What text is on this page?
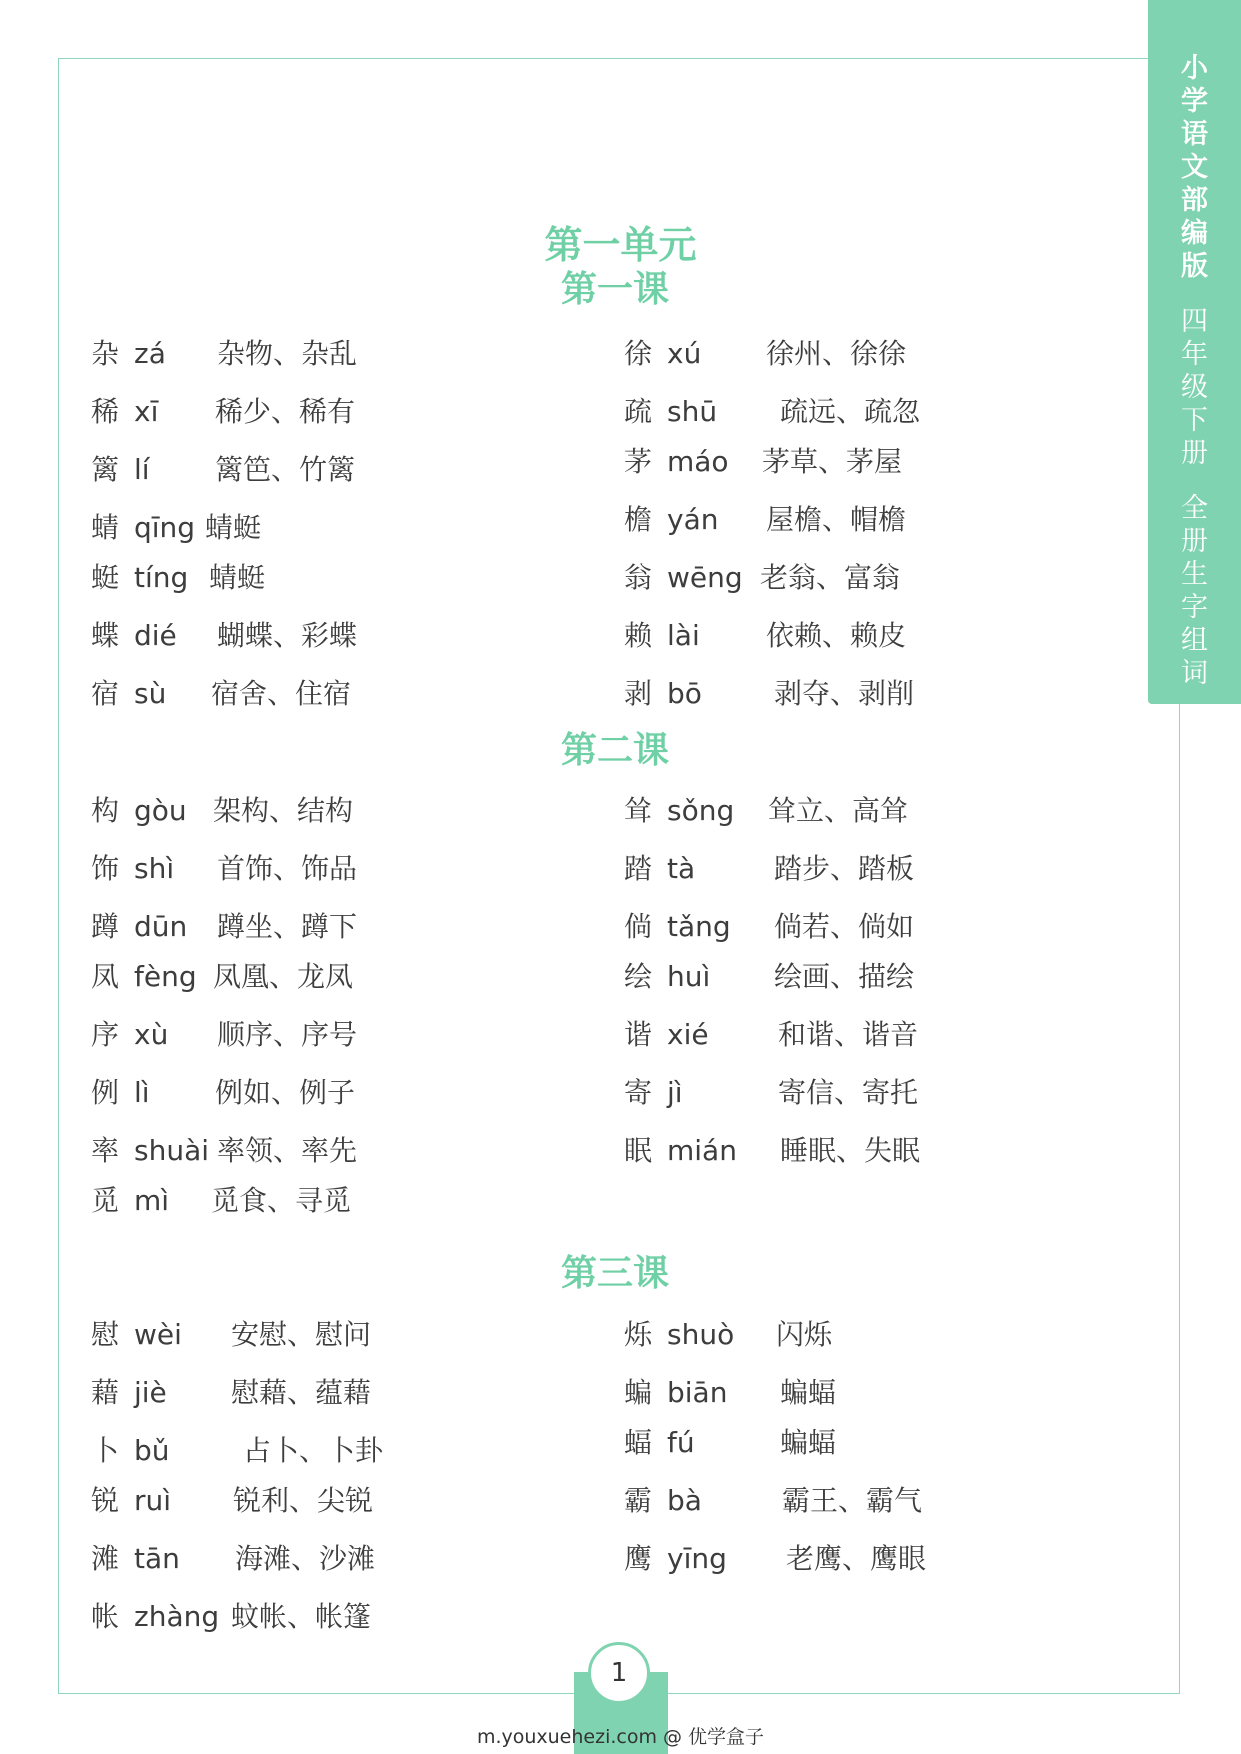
小学语文部编版
四年级下册
全册生字组词
第一单元
第一课
杂 zá 杂物、杂乱	徐 xú 徐州、徐徐
稀 xī 稀少、稀有	疏 shū 疏远、疏忽
篱 lí 篱笆、竹篱	茅 máo 茅草、茅屋
蜻 qīng 蜻蜓	檐 yán 屋檐、帽檐
蜓 tíng 蜻蜓	翁 wēng 老翁、富翁
蝶 dié 蝴蝶、彩蝶	赖 lài 依赖、赖皮
宿 sù 宿舍、住宿	剥 bō	剥夺、剥削
第二课
构 gòu 架构、结构	耸 sǒng 耸立、高耸
饰 shì 首饰、饰品	踏 tà	踏步、踏板
蹲 dūn 蹲坐、蹲下	倘 tǎng 倘若、倘如
凤 fèng 凤凰、龙凤	绘 huì 绘画、描绘
序 xù 顺序、序号	谐 xié 和谐、谐音
例 lì 例如、例子	寄 jì	寄信、寄托
率 shuài 率领、率先	眠 mián 睡眠、失眠
觅 mì 觅食、寻觅
第三课
慰 wèi 安慰、慰问	烁 shuò 闪烁
藉 jiè 慰藉、蕴藉	蝙 biān 蝙蝠
卜 bǔ	占卜、卜卦	蝠 fú	蝙蝠
锐 ruì 锐利、尖锐	霸 bà	霸王、霸气
滩 tān 海滩、沙滩	鹰 yīng 老鹰、鹰眼
帐 zhàng 蚊帐、帐篷
1
m.youxuehezi.com @ 优学盒子
